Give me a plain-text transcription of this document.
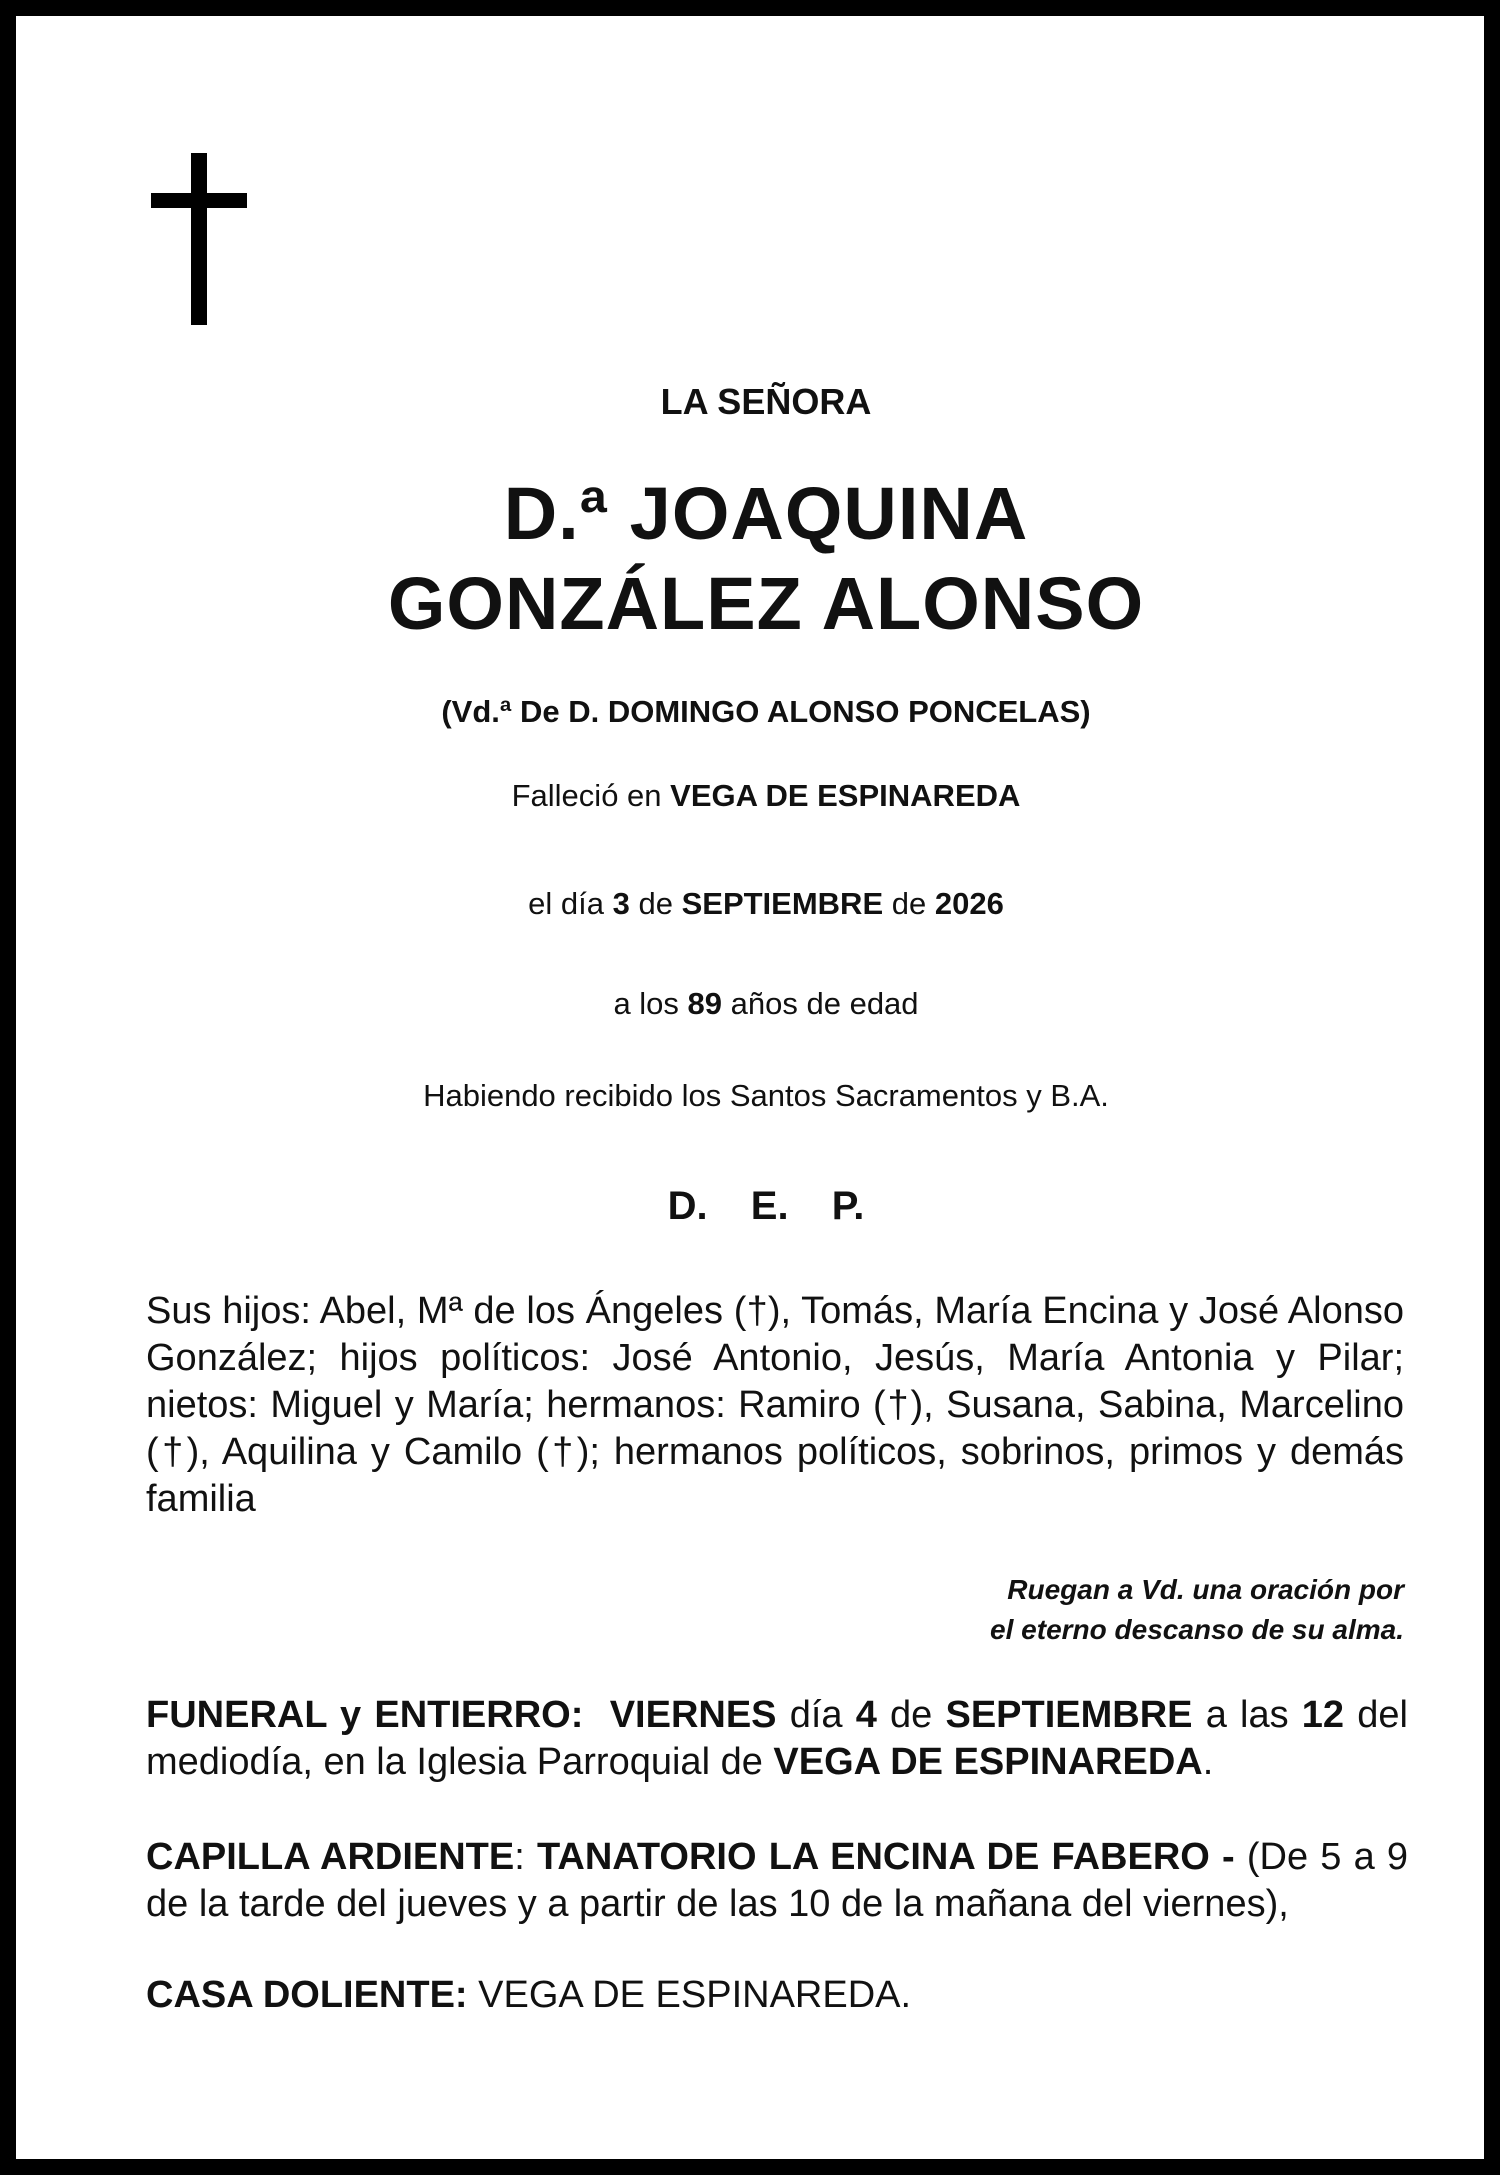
LA SEÑORA
D.ª JOAQUINA
GONZÁLEZ ALONSO
(Vd.ª De D. DOMINGO ALONSO PONCELAS)
Falleció en VEGA DE ESPINAREDA
el día 3 de SEPTIEMBRE de 2026
a los 89 años de edad
Habiendo recibido los Santos Sacramentos y B.A.
D. E. P.
Sus hijos: Abel, Mª de los Ángeles (†), Tomás, María Encina y José Alonso González; hijos políticos: José Antonio, Jesús, María Antonia y Pilar; nietos: Miguel y María; hermanos: Ramiro (†), Susana, Sabina, Marcelino (†), Aquilina y Camilo (†); hermanos políticos, sobrinos, primos y demás familia
Ruegan a Vd. una oración por
el eterno descanso de su alma.
FUNERAL y ENTIERRO: VIERNES día 4 de SEPTIEMBRE a las 12 del mediodía, en la Iglesia Parroquial de VEGA DE ESPINAREDA.
CAPILLA ARDIENTE: TANATORIO LA ENCINA DE FABERO - (De 5 a 9 de la tarde del jueves y a partir de las 10 de la mañana del viernes),
CASA DOLIENTE: VEGA DE ESPINAREDA.
